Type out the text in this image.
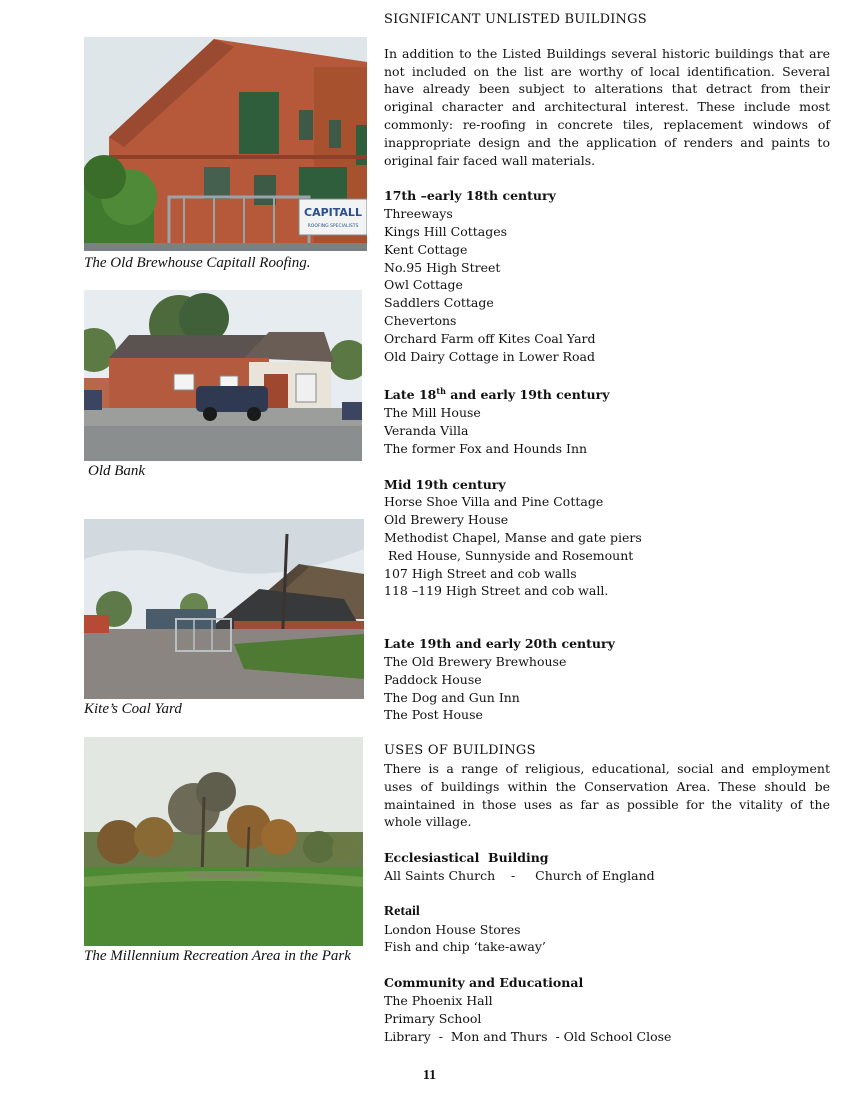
CAPITALL
ROOFING SPECIALISTS
The Old Brewhouse Capitall Roofing.
Old Bank
Kite’s Coal Yard
The Millennium Recreation Area in the Park
SIGNIFICANT UNLISTED BUILDINGS

In addition to the Listed Buildings several historic buildings that are not included on the list are worthy of local identification. Several have already been subject to alterations that detract from their original character and architectural interest. These include most commonly: re-roofing in concrete tiles, replacement windows of inappropriate design and the application of renders and paints to original fair faced wall materials.

17th –early 18th century
Threeways
Kings Hill Cottages
Kent Cottage
No.95 High Street
Owl Cottage
Saddlers Cottage
Chevertons
Orchard Farm off Kites Coal Yard
Old Dairy Cottage in Lower Road
Late 18th and early 19th century
The Mill House
Veranda Villa
The former Fox and Hounds Inn
Mid 19th century
Horse Shoe Villa and Pine Cottage
Old Brewery House
Methodist Chapel, Manse and gate piers
Red House, Sunnyside and Rosemount
107 High Street and cob walls
118 –119 High Street and cob wall.
Late 19th and early 20th century
The Old Brewery Brewhouse
Paddock House
The Dog and Gun Inn
The Post House
USES OF BUILDINGS

There is a range of religious, educational, social and employment uses of buildings within the Conservation Area. These should be maintained in those uses as far as possible for the vitality of the whole village.

Ecclesiastical  Building
All Saints Church    -     Church of England
Retail
London House Stores
Fish and chip ‘take-away’
Community and Educational
The Phoenix Hall
Primary School
Library  -  Mon and Thurs  - Old School Close
11
